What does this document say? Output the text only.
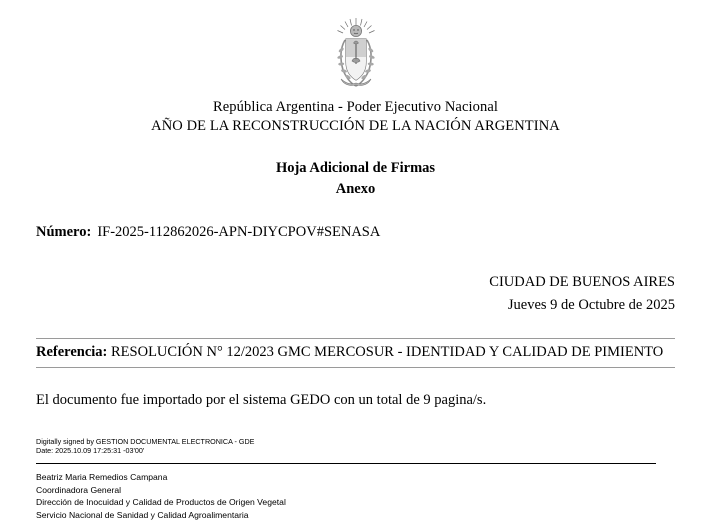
República Argentina - Poder Ejecutivo Nacional
AÑO DE LA RECONSTRUCCIÓN DE LA NACIÓN ARGENTINA
Hoja Adicional de Firmas
Anexo
Número: IF-2025-112862026-APN-DIYCPOV#SENASA
CIUDAD DE BUENOS AIRES
Jueves 9 de Octubre de 2025
Referencia: RESOLUCIÓN N° 12/2023 GMC MERCOSUR - IDENTIDAD Y CALIDAD DE PIMIENTO
El documento fue importado por el sistema GEDO con un total de 9 pagina/s.
Digitally signed by GESTION DOCUMENTAL ELECTRONICA - GDE
Date: 2025.10.09 17:25:31 -03'00'
Beatriz Maria Remedios Campana
Coordinadora General
Dirección de Inocuidad y Calidad de Productos de Origen Vegetal
Servicio Nacional de Sanidad y Calidad Agroalimentaria
